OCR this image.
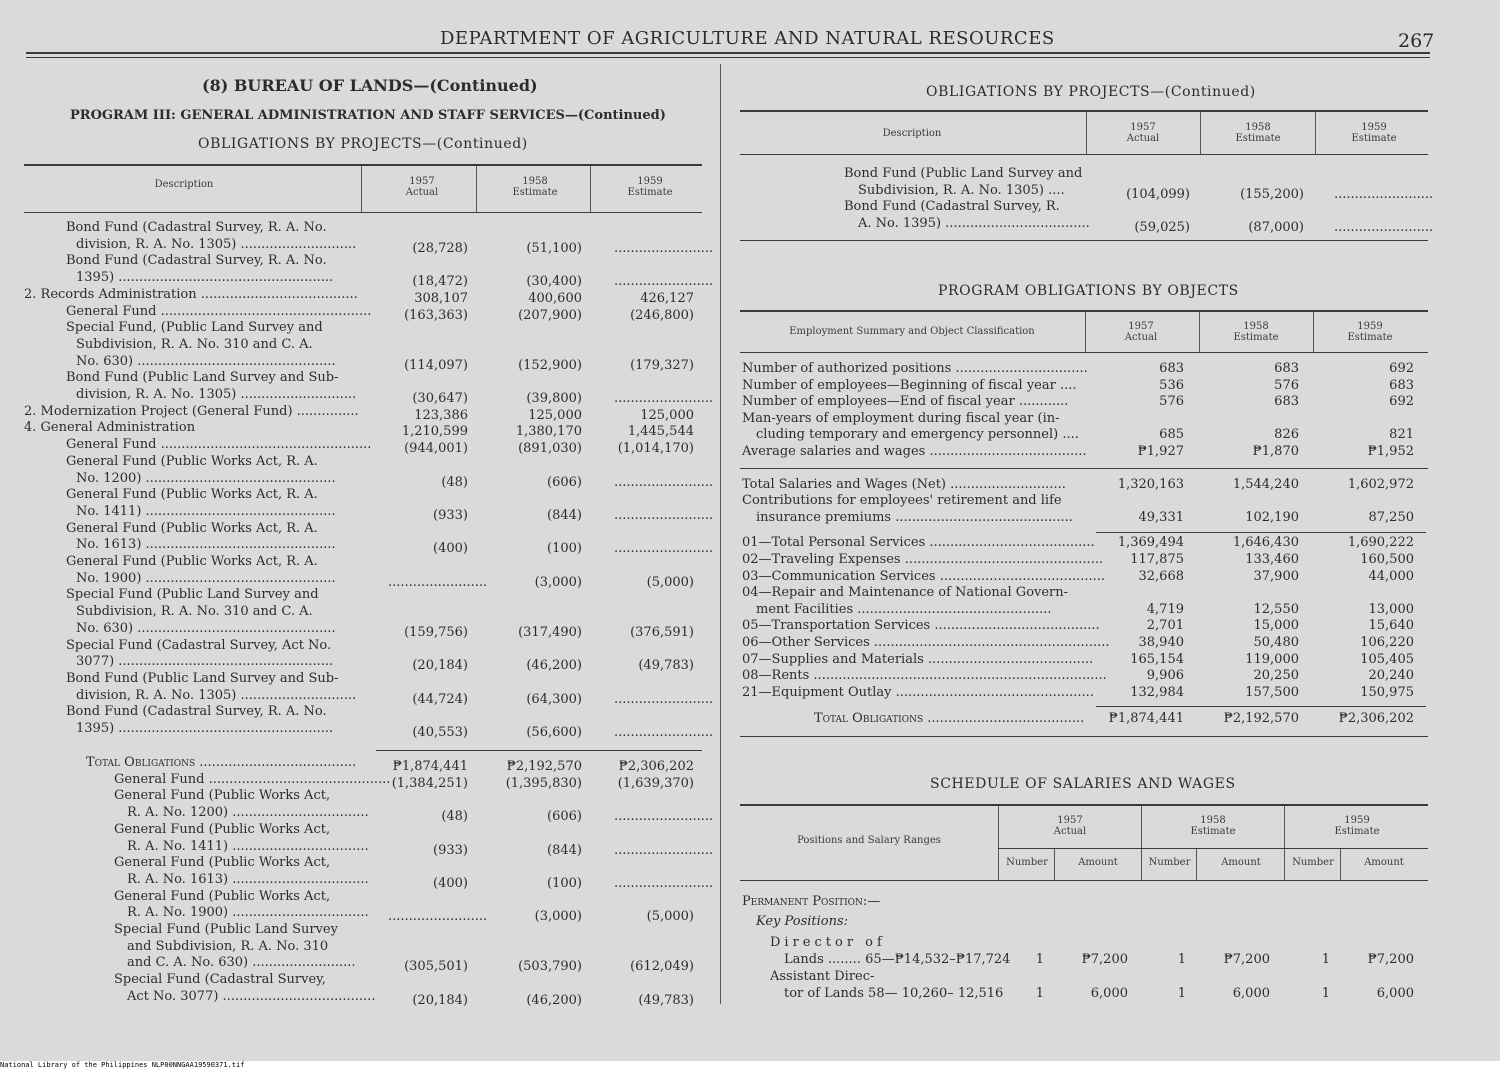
DEPARTMENT OF AGRICULTURE AND NATURAL RESOURCES	267
(8) BUREAU OF LANDS—(Continued)
PROGRAM III: GENERAL ADMINISTRATION AND STAFF SERVICES—(Continued)
OBLIGATIONS BY PROJECTS—(Continued)
Description	1957 Actual
1958 Estimate
1959 Estimate
Bond Fund (Cadastral Survey, R. A. No.
division, R. A. No. 1305) ............................	(28,728)	(51,100) ........................
Bond Fund (Cadastral Survey, R. A. No.
1395) ....................................................	(18,472)	(30,400) ........................
2. Records Administration ......................................	308,107	400,600	426,127
General Fund ...................................................	(163,363)	(207,900)	(246,800)
Special Fund, (Public Land Survey and
Subdivision, R. A. No. 310 and C. A.
No. 630) ................................................	(114,097)	(152,900)	(179,327)
Bond Fund (Public Land Survey and Sub-
division, R. A. No. 1305) ............................	(30,647)	(39,800) ........................
2. Modernization Project (General Fund) ...............	123,386	125,000	125,000
4. General Administration	1,210,599	1,380,170	1,445,544
General Fund ...................................................	(944,001)	(891,030)	(1,014,170)
General Fund (Public Works Act, R. A.
No. 1200) ..............................................	(48)	(606) ........................
General Fund (Public Works Act, R. A.
No. 1411) ..............................................	(933)	(844) ........................
General Fund (Public Works Act, R. A.
No. 1613) ..............................................	(400)	(100) ........................
General Fund (Public Works Act, R. A.
No. 1900) ..............................................	........................	(3,000)	(5,000)
Special Fund (Public Land Survey and
Subdivision, R. A. No. 310 and C. A.
No. 630) ................................................	(159,756)	(317,490)	(376,591)
Special Fund (Cadastral Survey, Act No.
3077) ....................................................	(20,184)	(46,200)	(49,783)
Bond Fund (Public Land Survey and Sub-
division, R. A. No. 1305) ............................	(44,724)	(64,300) ........................
Bond Fund (Cadastral Survey, R. A. No.
1395) ....................................................	(40,553)	(56,600) ........................
Total Obligations ......................................	₱1,874,441	₱2,192,570	₱2,306,202
General Fund ............................................ (1,384,251)	(1,395,830)	(1,639,370)
General Fund (Public Works Act,
R. A. No. 1200) .................................	(48)	(606) ........................
General Fund (Public Works Act,
R. A. No. 1411) .................................	(933)	(844) ........................
General Fund (Public Works Act,
R. A. No. 1613) .................................	(400)	(100) ........................
General Fund (Public Works Act,
R. A. No. 1900) ................................. ........................	(3,000)	(5,000)
Special Fund (Public Land Survey
and Subdivision, R. A. No. 310
and C. A. No. 630) .........................	(305,501)	(503,790)	(612,049)
Special Fund (Cadastral Survey,
Act No. 3077) .....................................	(20,184)	(46,200)	(49,783)
OBLIGATIONS BY PROJECTS—(Continued)
Description
1957 Actual
1958 Estimate
1959 Estimate
Bond Fund (Public Land Survey and
Subdivision, R. A. No. 1305) ....	(104,099)	(155,200) ........................
Bond Fund (Cadastral Survey, R.
A. No. 1395) ...................................	(59,025)	(87,000) ........................
PROGRAM OBLIGATIONS BY OBJECTS
Employment Summary and Object Classification	1957 Actual
1958 Estimate
1959 Estimate
Number of authorized positions ................................	683	683	692
Number of employees—Beginning of fiscal year ....	536	576	683
Number of employees—End of fiscal year ............	576	683	692
Man-years of employment during fiscal year (in-
cluding temporary and emergency personnel) ....	685	826	821
Average salaries and wages ......................................	₱1,927	₱1,870	₱1,952
Total Salaries and Wages (Net) ............................	1,320,163	1,544,240	1,602,972
Contributions for employees' retirement and life
insurance premiums ...........................................	49,331	102,190	87,250
01—Total Personal Services ........................................	1,369,494	1,646,430	1,690,222
02—Traveling Expenses ................................................	117,875	133,460	160,500
03—Communication Services ........................................	32,668	37,900	44,000
04—Repair and Maintenance of National Govern-
ment Facilities ...............................................	4,719	12,550	13,000
05—Transportation Services ........................................	2,701	15,000	15,640
06—Other Services .........................................................	38,940	50,480	106,220
07—Supplies and Materials ........................................	165,154	119,000	105,405
08—Rents .......................................................................	9,906	20,250	20,240
21—Equipment Outlay ................................................	132,984	157,500	150,975
Total Obligations ......................................	₱1,874,441	₱2,192,570	₱2,306,202
SCHEDULE OF SALARIES AND WAGES
Positions and Salary Ranges
1957 Actual
1958 Estimate
1959 Estimate
Number	Amount	Number	Amount	Number	Amount
Permanent Position:—
Key Positions:
Director of
Lands ........ 65—₱14,532–₱17,724	1	₱7,200	1	₱7,200	1	₱7,200
Assistant Direc-
tor of Lands 58— 10,260– 12,516	1	6,000	1	6,000	1	6,000
National Library of the Philippines NLP00NNGAA19590371.tif
